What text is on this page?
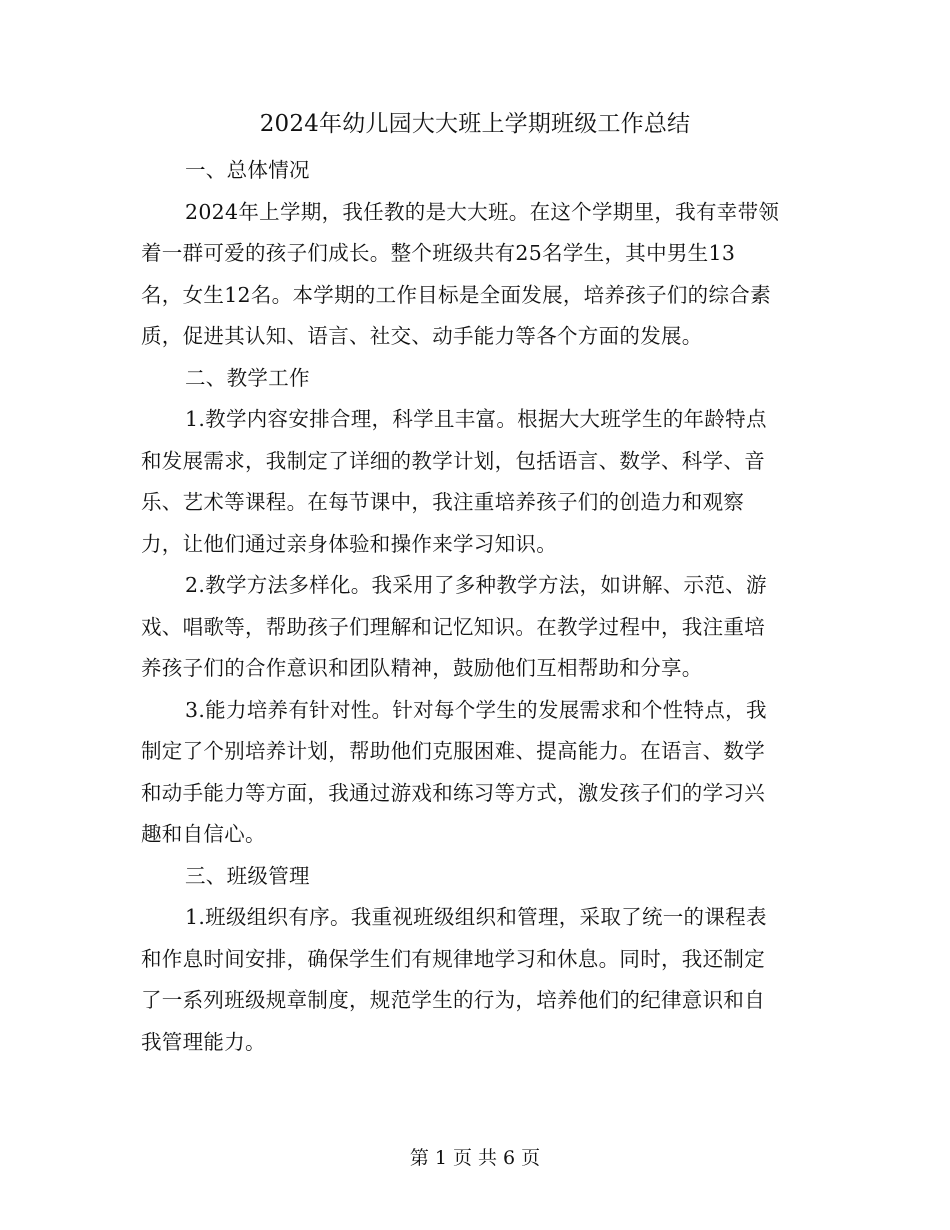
2024年幼儿园大大班上学期班级工作总结
一、总体情况
2024年上学期，我任教的是大大班。在这个学期里，我有幸带领
着一群可爱的孩子们成长。整个班级共有25名学生，其中男生13
名，女生12名。本学期的工作目标是全面发展，培养孩子们的综合素
质，促进其认知、语言、社交、动手能力等各个方面的发展。
二、教学工作
1.教学内容安排合理，科学且丰富。根据大大班学生的年龄特点
和发展需求，我制定了详细的教学计划，包括语言、数学、科学、音
乐、艺术等课程。在每节课中，我注重培养孩子们的创造力和观察
力，让他们通过亲身体验和操作来学习知识。
2.教学方法多样化。我采用了多种教学方法，如讲解、示范、游
戏、唱歌等，帮助孩子们理解和记忆知识。在教学过程中，我注重培
养孩子们的合作意识和团队精神，鼓励他们互相帮助和分享。
3.能力培养有针对性。针对每个学生的发展需求和个性特点，我
制定了个别培养计划，帮助他们克服困难、提高能力。在语言、数学
和动手能力等方面，我通过游戏和练习等方式，激发孩子们的学习兴
趣和自信心。
三、班级管理
1.班级组织有序。我重视班级组织和管理，采取了统一的课程表
和作息时间安排，确保学生们有规律地学习和休息。同时，我还制定
了一系列班级规章制度，规范学生的行为，培养他们的纪律意识和自
我管理能力。
第 1 页 共 6 页
